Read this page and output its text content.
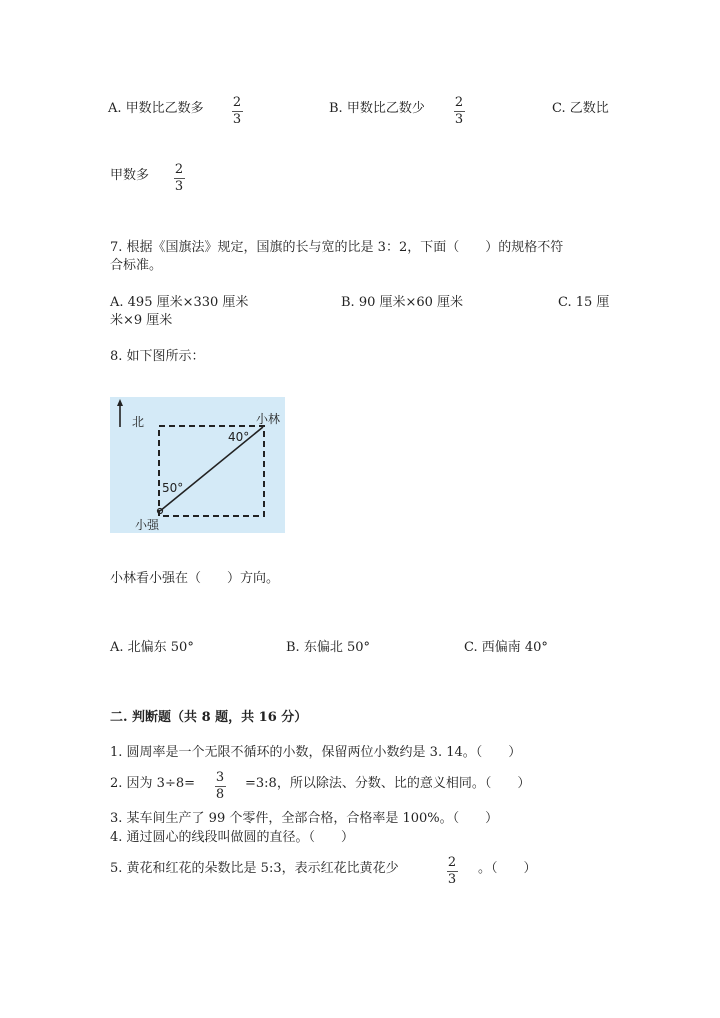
A. 甲数比乙数多 2
3
B. 甲数比乙数少 2
3
C. 乙数比
甲数多 2
3
7. 根据《国旗法》规定，国旗的长与宽的比是 3：2，下面（　　）的规格不符
合标准。
A. 495 厘米×330 厘米	B. 90 厘米×60 厘米	C. 15 厘
米×9 厘米
8. 如下图所示：
北
40°
50°
小林
小强
小林看小强在（　　）方向。
A. 北偏东 50°	B. 东偏北 50°	C. 西偏南 40°
二. 判断题（共 8 题，共 16 分）
1. 圆周率是一个无限不循环的小数，保留两位小数约是 3. 14。（　　）
2. 因为 3÷8= 3
8
=3:8，所以除法、分数、比的意义相同。（　　）
3. 某车间生产了 99 个零件，全部合格，合格率是 100%。（　　）
4. 通过圆心的线段叫做圆的直径。（　　）
5. 黄花和红花的朵数比是 5:3，表示红花比黄花少	2
3
。（　　）
